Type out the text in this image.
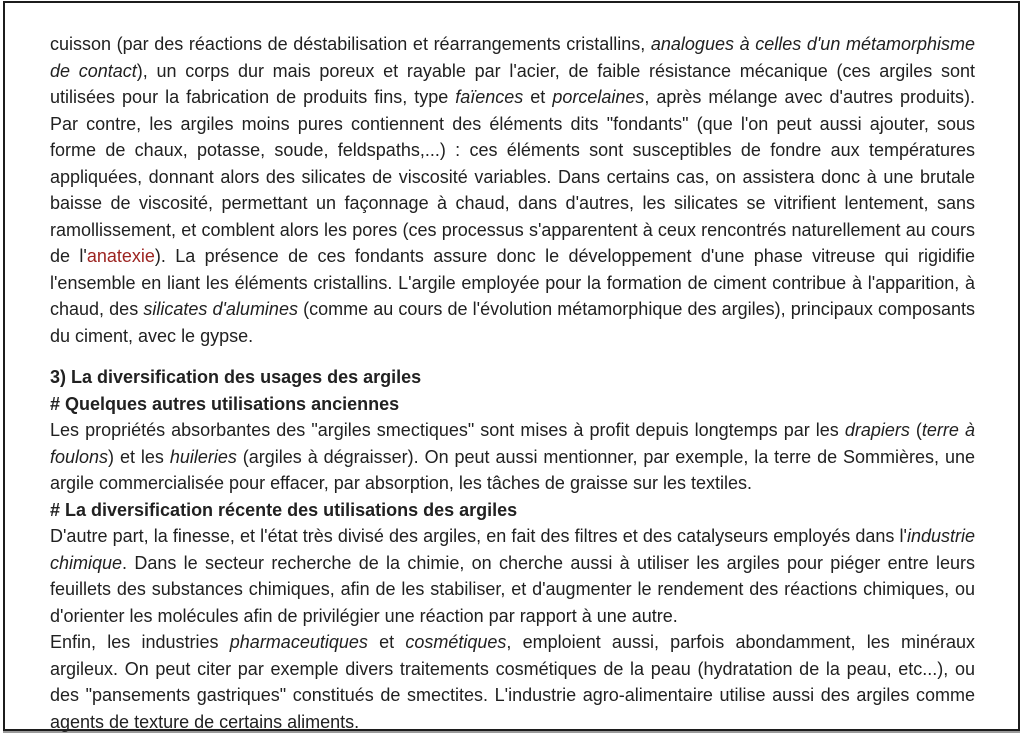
cuisson (par des réactions de déstabilisation et réarrangements cristallins, analogues à celles d'un métamorphisme de contact), un corps dur mais poreux et rayable par l'acier, de faible résistance mécanique (ces argiles sont utilisées pour la fabrication de produits fins, type faïences et porcelaines, après mélange avec d'autres produits). Par contre, les argiles moins pures contiennent des éléments dits "fondants" (que l'on peut aussi ajouter, sous forme de chaux, potasse, soude, feldspaths,...) : ces éléments sont susceptibles de fondre aux températures appliquées, donnant alors des silicates de viscosité variables. Dans certains cas, on assistera donc à une brutale baisse de viscosité, permettant un façonnage à chaud, dans d'autres, les silicates se vitrifient lentement, sans ramollissement, et comblent alors les pores (ces processus s'apparentent à ceux rencontrés naturellement au cours de l'anatexie). La présence de ces fondants assure donc le développement d'une phase vitreuse qui rigidifie l'ensemble en liant les éléments cristallins. L'argile employée pour la formation de ciment contribue à l'apparition, à chaud, des silicates d'alumines (comme au cours de l'évolution métamorphique des argiles), principaux composants du ciment, avec le gypse.

3) La diversification des usages des argiles

# Quelques autres utilisations anciennes

Les propriétés absorbantes des "argiles smectiques" sont mises à profit depuis longtemps par les drapiers (terre à foulons) et les huileries (argiles à dégraisser). On peut aussi mentionner, par exemple, la terre de Sommières, une argile commercialisée pour effacer, par absorption, les tâches de graisse sur les textiles.

# La diversification récente des utilisations des argiles

D'autre part, la finesse, et l'état très divisé des argiles, en fait des filtres et des catalyseurs employés dans l'industrie chimique. Dans le secteur recherche de la chimie, on cherche aussi à utiliser les argiles pour piéger entre leurs feuillets des substances chimiques, afin de les stabiliser, et d'augmenter le rendement des réactions chimiques, ou d'orienter les molécules afin de privilégier une réaction par rapport à une autre.

Enfin, les industries pharmaceutiques et cosmétiques, emploient aussi, parfois abondamment, les minéraux argileux. On peut citer par exemple divers traitements cosmétiques de la peau (hydratation de la peau, etc...), ou des "pansements gastriques" constitués de smectites. L'industrie agro-alimentaire utilise aussi des argiles comme agents de texture de certains aliments.
